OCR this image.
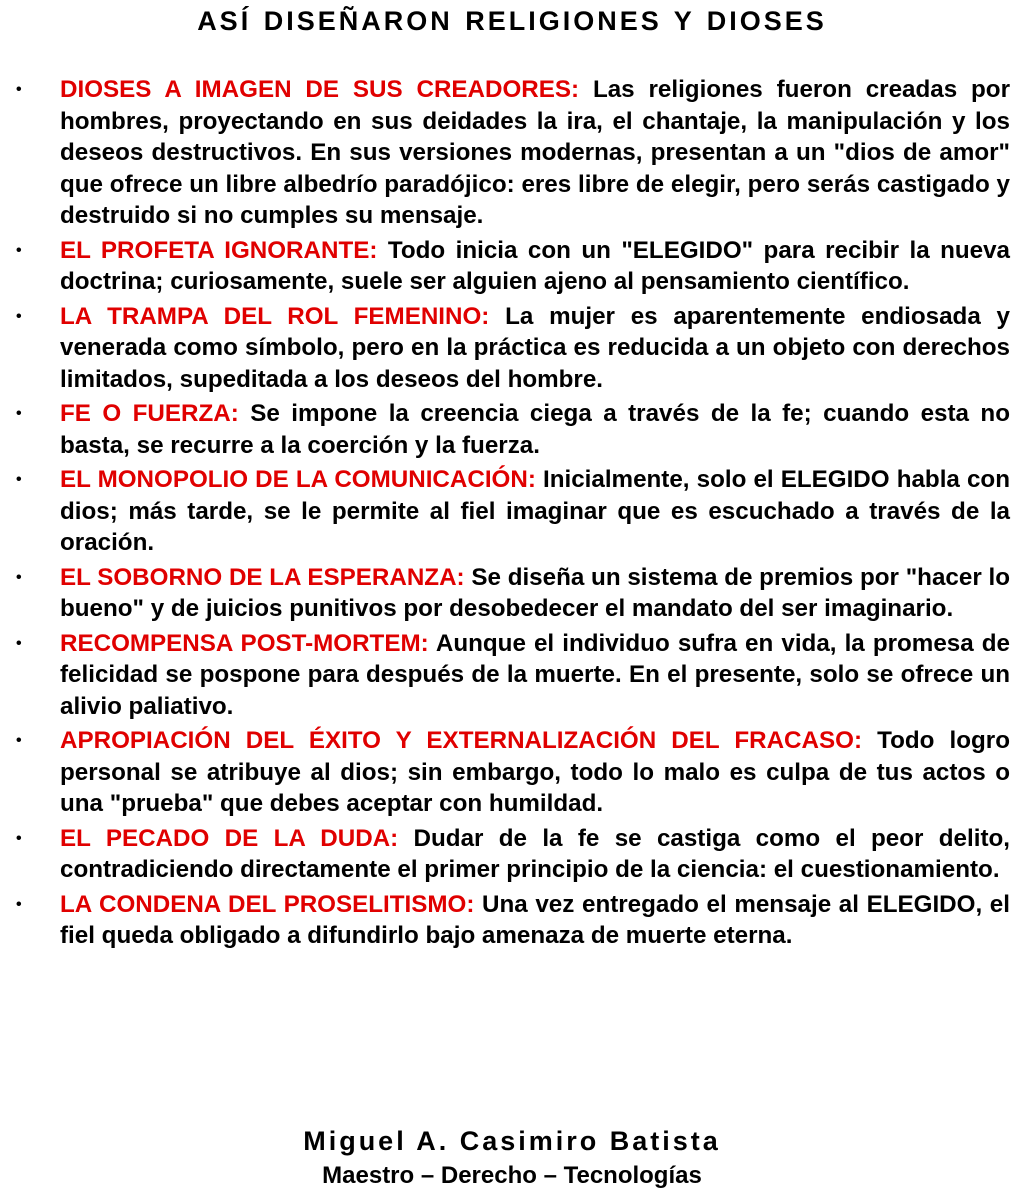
ASÍ DISEÑARON RELIGIONES Y DIOSES
• DIOSES A IMAGEN DE SUS CREADORES: Las religiones fueron creadas por hombres, proyectando en sus deidades la ira, el chantaje, la manipulación y los deseos destructivos. En sus versiones modernas, presentan a un "dios de amor" que ofrece un libre albedrío paradójico: eres libre de elegir, pero serás castigado y destruido si no cumples su mensaje.
• EL PROFETA IGNORANTE: Todo inicia con un "ELEGIDO" para recibir la nueva doctrina; curiosamente, suele ser alguien ajeno al pensamiento científico.
• LA TRAMPA DEL ROL FEMENINO: La mujer es aparentemente endiosada y venerada como símbolo, pero en la práctica es reducida a un objeto con derechos limitados, supeditada a los deseos del hombre.
• FE O FUERZA: Se impone la creencia ciega a través de la fe; cuando esta no basta, se recurre a la coerción y la fuerza.
• EL MONOPOLIO DE LA COMUNICACIÓN: Inicialmente, solo el ELEGIDO habla con dios; más tarde, se le permite al fiel imaginar que es escuchado a través de la oración.
• EL SOBORNO DE LA ESPERANZA: Se diseña un sistema de premios por "hacer lo bueno" y de juicios punitivos por desobedecer el mandato del ser imaginario.
• RECOMPENSA POST-MORTEM: Aunque el individuo sufra en vida, la promesa de felicidad se pospone para después de la muerte. En el presente, solo se ofrece un alivio paliativo.
• APROPIACIÓN DEL ÉXITO Y EXTERNALIZACIÓN DEL FRACASO: Todo logro personal se atribuye al dios; sin embargo, todo lo malo es culpa de tus actos o una "prueba" que debes aceptar con humildad.
• EL PECADO DE LA DUDA: Dudar de la fe se castiga como el peor delito, contradiciendo directamente el primer principio de la ciencia: el cuestionamiento.
• LA CONDENA DEL PROSELITISMO: Una vez entregado el mensaje al ELEGIDO, el fiel queda obligado a difundirlo bajo amenaza de muerte eterna.
Miguel A. Casimiro Batista
Maestro – Derecho – Tecnologías
